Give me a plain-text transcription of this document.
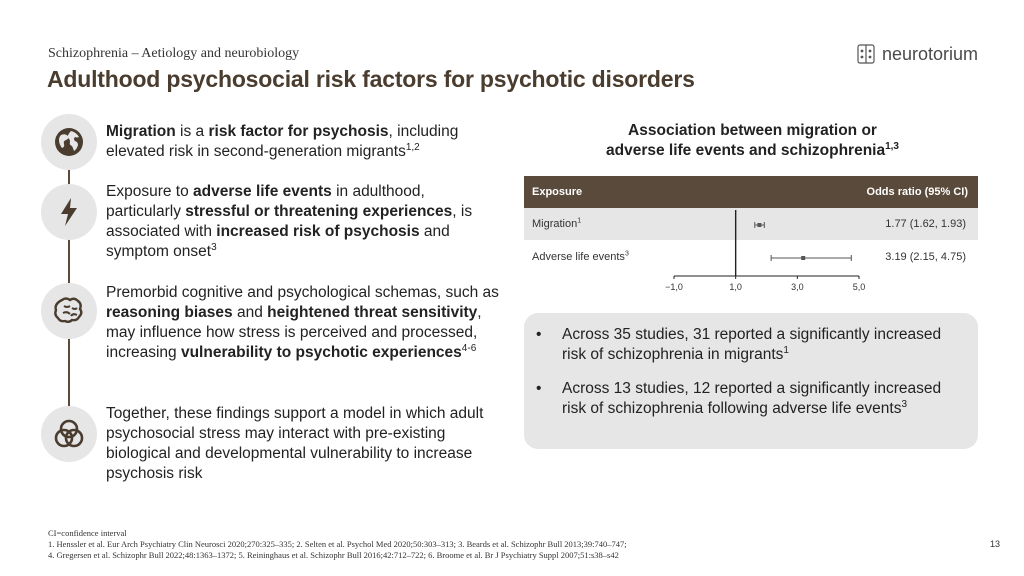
Schizophrenia – Aetiology and neurobiology
Adulthood psychosocial risk factors for psychotic disorders
neurotorium
Migration is a risk factor for psychosis, including elevated risk in second-generation migrants$^{1,2}$
Exposure to adverse life events in adulthood, particularly stressful or threatening experiences, is associated with increased risk of psychosis and symptom onset$^3$
Premorbid cognitive and psychological schemas, such as reasoning biases and heightened threat sensitivity, may influence how stress is perceived and processed, increasing vulnerability to psychotic experiences$^{4-6}$
Together, these findings support a model in which adult psychosocial stress may interact with pre-existing biological and developmental vulnerability to increase psychosis risk
Association between migration or
adverse life events and schizophrenia$^{1,3}$
Exposure	Odds ratio (95% CI)
Migration$^1$	1.77 (1.62, 1.93)
Adverse life events$^3$	3.19 (2.15, 4.75)
−1,0	1,0	3,0	5,0
• Across 35 studies, 31 reported a significantly increased risk of schizophrenia in migrants$^1$
• Across 13 studies, 12 reported a significantly increased risk of schizophrenia following adverse life events$^3$
CI=confidence interval
1. Henssler et al. Eur Arch Psychiatry Clin Neurosci 2020;270:325–335; 2. Selten et al. Psychol Med 2020;50:303–313; 3. Beards et al. Schizophr Bull 2013;39:740–747;
4. Gregersen et al. Schizophr Bull 2022;48:1363–1372; 5. Reininghaus et al. Schizophr Bull 2016;42:712–722; 6. Broome et al. Br J Psychiatry Suppl 2007;51:s38–s42
13
